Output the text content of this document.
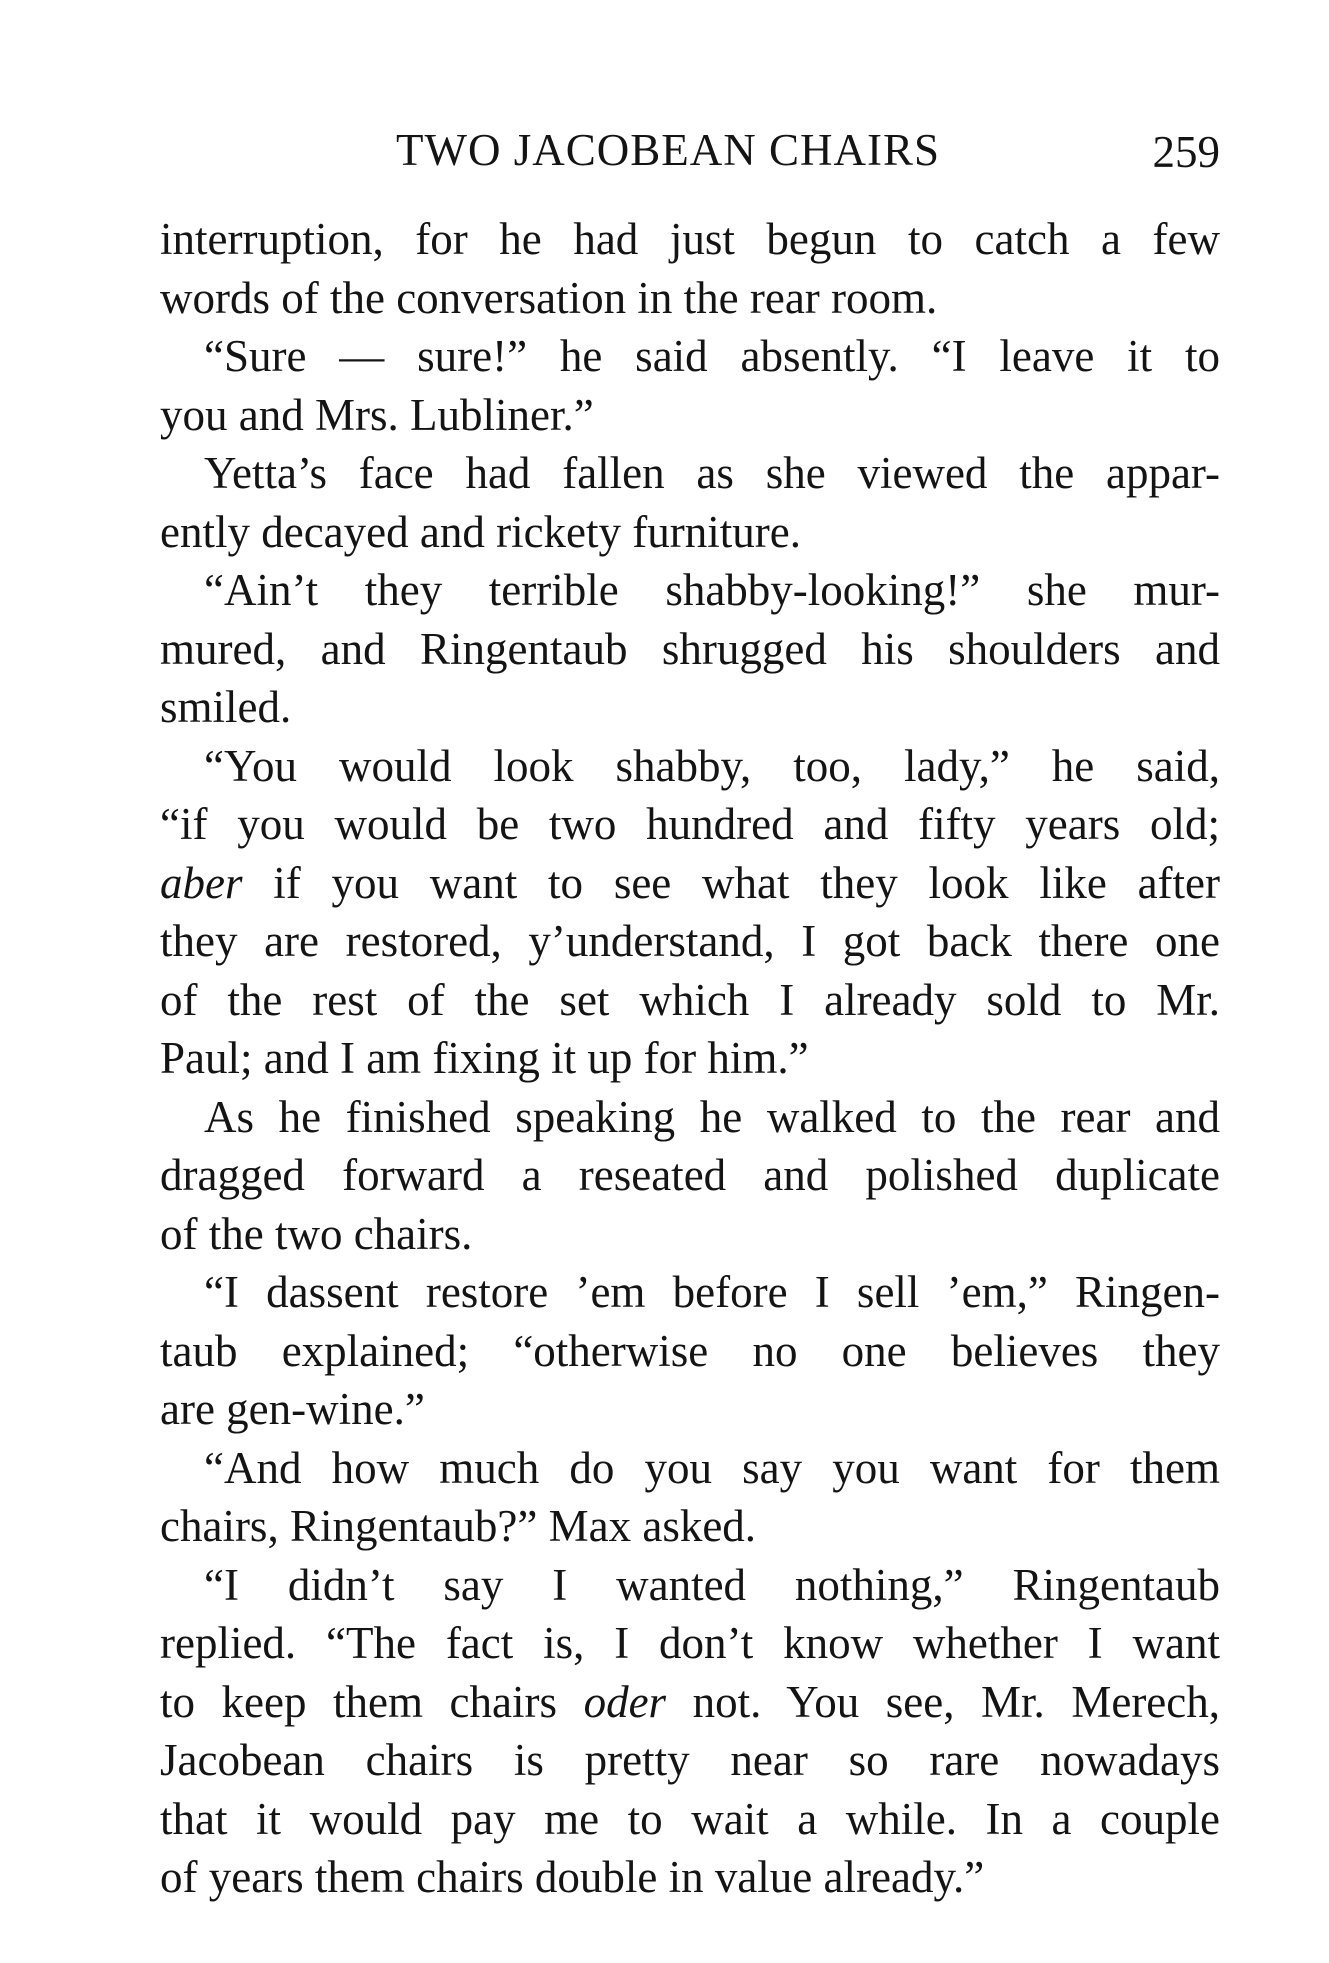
TWO JACOBEAN CHAIRS	259
interruption, for he had just begun to catch a few
words of the conversation in the rear room.
“Sure — sure!” he said absently. “I leave it to
you and Mrs. Lubliner.”
Yetta’s face had fallen as she viewed the appar-
ently decayed and rickety furniture.
“Ain’t they terrible shabby-looking!” she mur-
mured, and Ringentaub shrugged his shoulders and
smiled.
“You would look shabby, too, lady,” he said,
“if you would be two hundred and fifty years old;
aber if you want to see what they look like after
they are restored, y’understand, I got back there one
of the rest of the set which I already sold to Mr.
Paul; and I am fixing it up for him.”
As he finished speaking he walked to the rear and
dragged forward a reseated and polished duplicate
of the two chairs.
“I dassent restore ’em before I sell ’em,” Ringen-
taub explained; “otherwise no one believes they
are gen-wine.”
“And how much do you say you want for them
chairs, Ringentaub?” Max asked.
“I didn’t say I wanted nothing,” Ringentaub
replied. “The fact is, I don’t know whether I want
to keep them chairs oder not. You see, Mr. Merech,
Jacobean chairs is pretty near so rare nowadays
that it would pay me to wait a while. In a couple
of years them chairs double in value already.”
